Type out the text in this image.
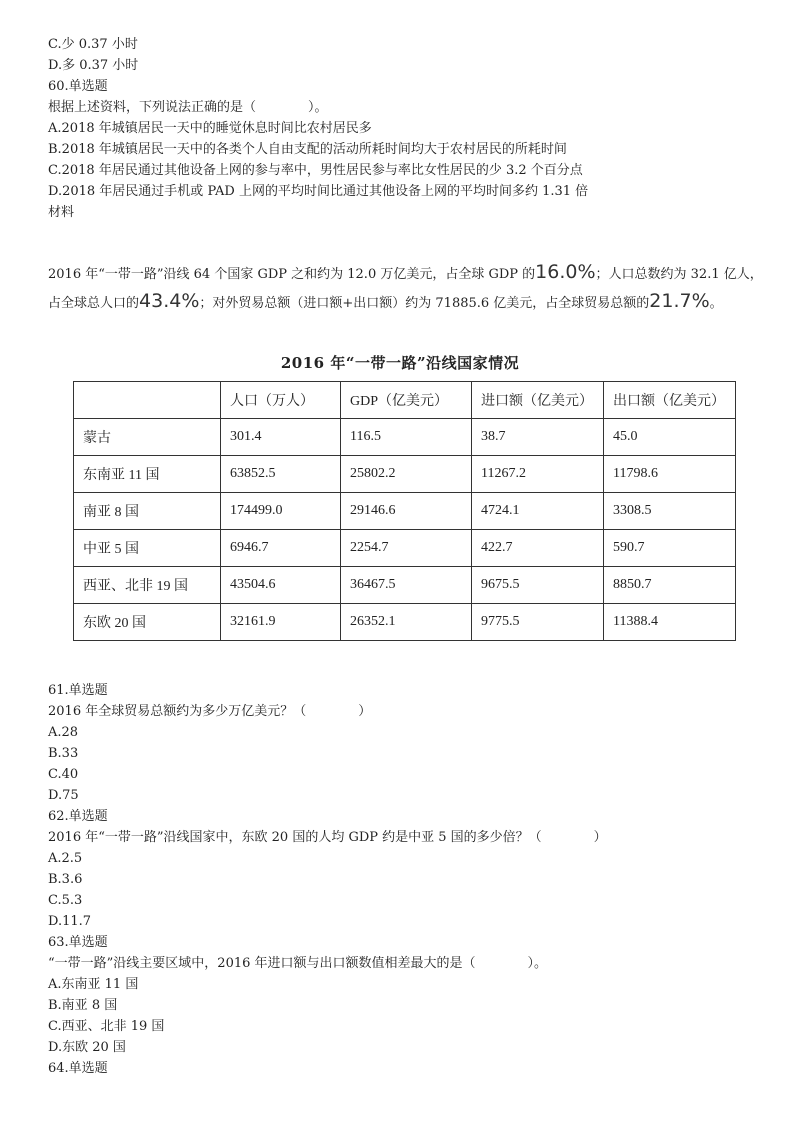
C.少 0.37 小时
D.多 0.37 小时
60.单选题
根据上述资料，下列说法正确的是（　　　　）。
A.2018 年城镇居民一天中的睡觉休息时间比农村居民多
B.2018 年城镇居民一天中的各类个人自由支配的活动所耗时间均大于农村居民的所耗时间
C.2018 年居民通过其他设备上网的参与率中，男性居民参与率比女性居民的少 3.2 个百分点
D.2018 年居民通过手机或 PAD 上网的平均时间比通过其他设备上网的平均时间多约 1.31 倍
材料
2016 年“一带一路”沿线 64 个国家 GDP 之和约为 12.0 万亿美元，占全球 GDP 的16.0%；人口总数约为 32.1 亿人，
占全球总人口的43.4%；对外贸易总额（进口额+出口额）约为 71885.6 亿美元，占全球贸易总额的21.7%。
2016 年“一带一路”沿线国家情况
	人口（万人）	GDP（亿美元）	进口额（亿美元）	出口额（亿美元）
蒙古	301.4	116.5	38.7	45.0
东南亚 11 国	63852.5	25802.2	11267.2	11798.6
南亚 8 国	174499.0	29146.6	4724.1	3308.5
中亚 5 国	6946.7	2254.7	422.7	590.7
西亚、北非 19 国	43504.6	36467.5	9675.5	8850.7
东欧 20 国	32161.9	26352.1	9775.5	11388.4
61.单选题
2016 年全球贸易总额约为多少万亿美元？（　　　　）
A.28
B.33
C.40
D.75
62.单选题
2016 年“一带一路”沿线国家中，东欧 20 国的人均 GDP 约是中亚 5 国的多少倍？（　　　　）
A.2.5
B.3.6
C.5.3
D.11.7
63.单选题
“一带一路”沿线主要区域中，2016 年进口额与出口额数值相差最大的是（　　　　）。
A.东南亚 11 国
B.南亚 8 国
C.西亚、北非 19 国
D.东欧 20 国
64.单选题
